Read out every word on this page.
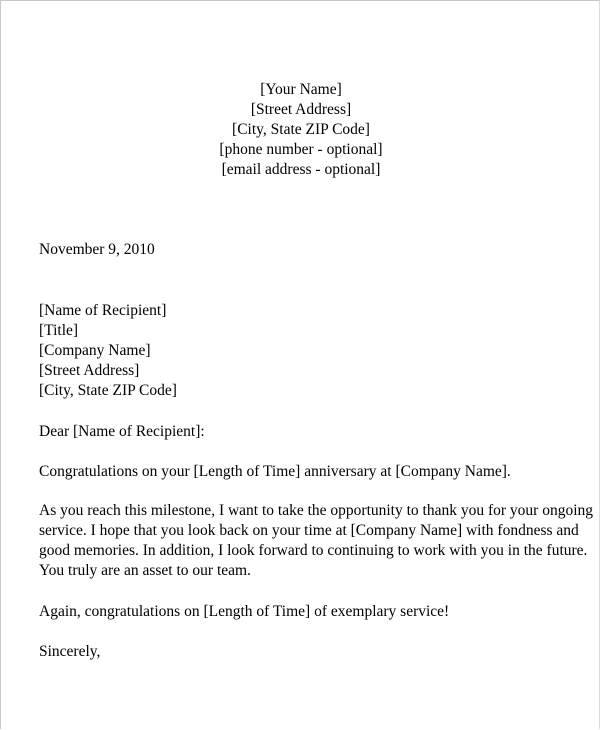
[Your Name]
[Street Address]
[City, State ZIP Code]
[phone number - optional]
[email address - optional]
November 9, 2010
[Name of Recipient]
[Title]
[Company Name]
[Street Address]
[City, State ZIP Code]
Dear [Name of Recipient]:
Congratulations on your [Length of Time] anniversary at [Company Name].
As you reach this milestone, I want to take the opportunity to thank you for your ongoing
service. I hope that you look back on your time at [Company Name] with fondness and
good memories. In addition, I look forward to continuing to work with you in the future.
You truly are an asset to our team.
Again, congratulations on [Length of Time] of exemplary service!
Sincerely,
